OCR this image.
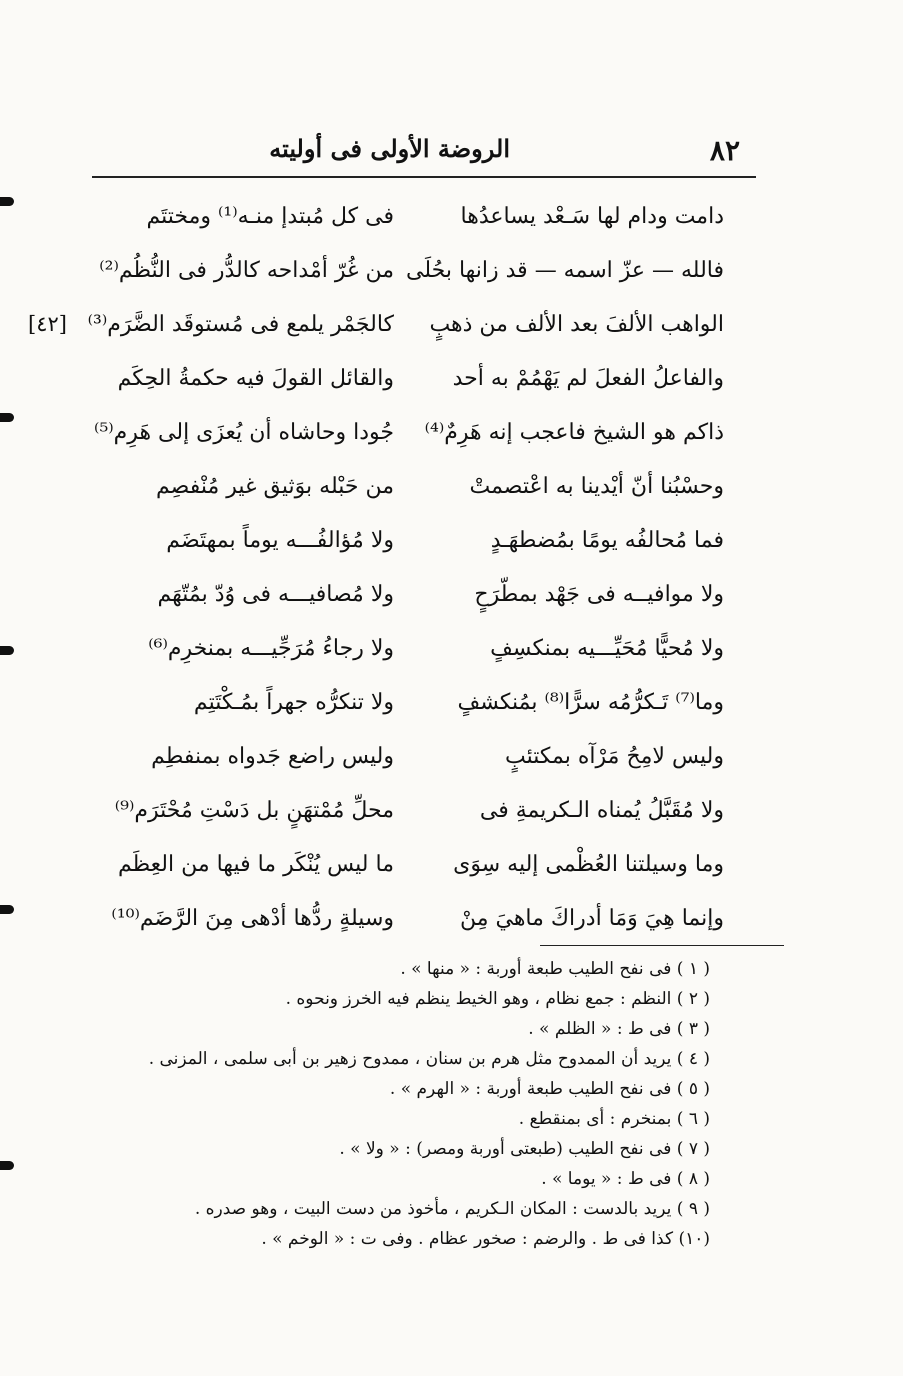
٨٢
الروضة الأولى فى أوليته
[٤٢]
دامت ودام لها سَـعْد يساعدُها
فى كل مُبتدإ منـه⁽¹⁾ ومختتَم
فالله — عزّ اسمه — قد زانها بحُلَى
من غُرّ أمْداحه كالدُّر فى النُّظُم⁽²⁾
الواهب الألفَ بعد الألف من ذهبٍ
كالجَمْر يلمع فى مُستوقَد الضَّرَم⁽³⁾
والفاعلُ الفعلَ لم يَهْمُمْ به أحد
والقائل القولَ فيه حكمةُ الحِكَم
ذاكم هو الشيخ فاعجب إنه هَرِمٌ⁽⁴⁾
جُودا وحاشاه أن يُعزَى إلى هَرِم⁽⁵⁾
وحسْبُنا أنّ أيْدينا به اعْتصمتْ
من حَبْله بوَثيق غير مُنْفصِم
فما مُحالفُه يومًا بمُضطهَـدٍ
ولا مُؤالفُـــه يوماً بمهتَضَم
ولا موافيــه فى جَهْد بمطّرَحٍ
ولا مُصافيـــه فى وُدّ بمُتّهَم
ولا مُحيًّا مُحَيِّـــيه بمنكسِفٍ
ولا رجاءُ مُرَجِّيـــه بمنخرِم⁽⁶⁾
وما⁽⁷⁾ تَـكرُّمُه سرًّا⁽⁸⁾ بمُنكشفٍ
ولا تنكرُّه جهراً بمُـكْتَتِم
وليس لامِحُ مَرْآه بمكتئبٍ
وليس راضع جَدواه بمنفطِم
ولا مُقَبَّلُ يُمناه الـكريمةِ فى
محلِّ مُمْتهَنٍ بل دَسْتِ مُحْتَرَم⁽⁹⁾
وما وسيلتنا العُظْمى إليه سِوَى
ما ليس يُنْكَر ما فيها من العِظَم
وإنما هِيَ وَمَا أدراكَ ماهيَ مِنْ
وسيلةٍ ردُّها أدْهى مِنَ الرَّضَم⁽¹⁰⁾
( ١ ) فى نفح الطيب طبعة أوربة : « منها » .
( ٢ ) النظم : جمع نظام ، وهو الخيط ينظم فيه الخرز ونحوه .
( ٣ ) فى ط : « الظلم » .
( ٤ ) يريد أن الممدوح مثل هرم بن سنان ، ممدوح زهير بن أبى سلمى ، المزنى .
( ٥ ) فى نفح الطيب طبعة أوربة : « الهرم » .
( ٦ ) بمنخرم : أى بمنقطع .
( ٧ ) فى نفح الطيب (طبعتى أوربة ومصر) : « ولا » .
( ٨ ) فى ط : « يوما » .
( ٩ ) يريد بالدست : المكان الـكريم ، مأخوذ من دست البيت ، وهو صدره .
(١٠) كذا فى ط . والرضم : صخور عظام . وفى ت : « الوخم » .
